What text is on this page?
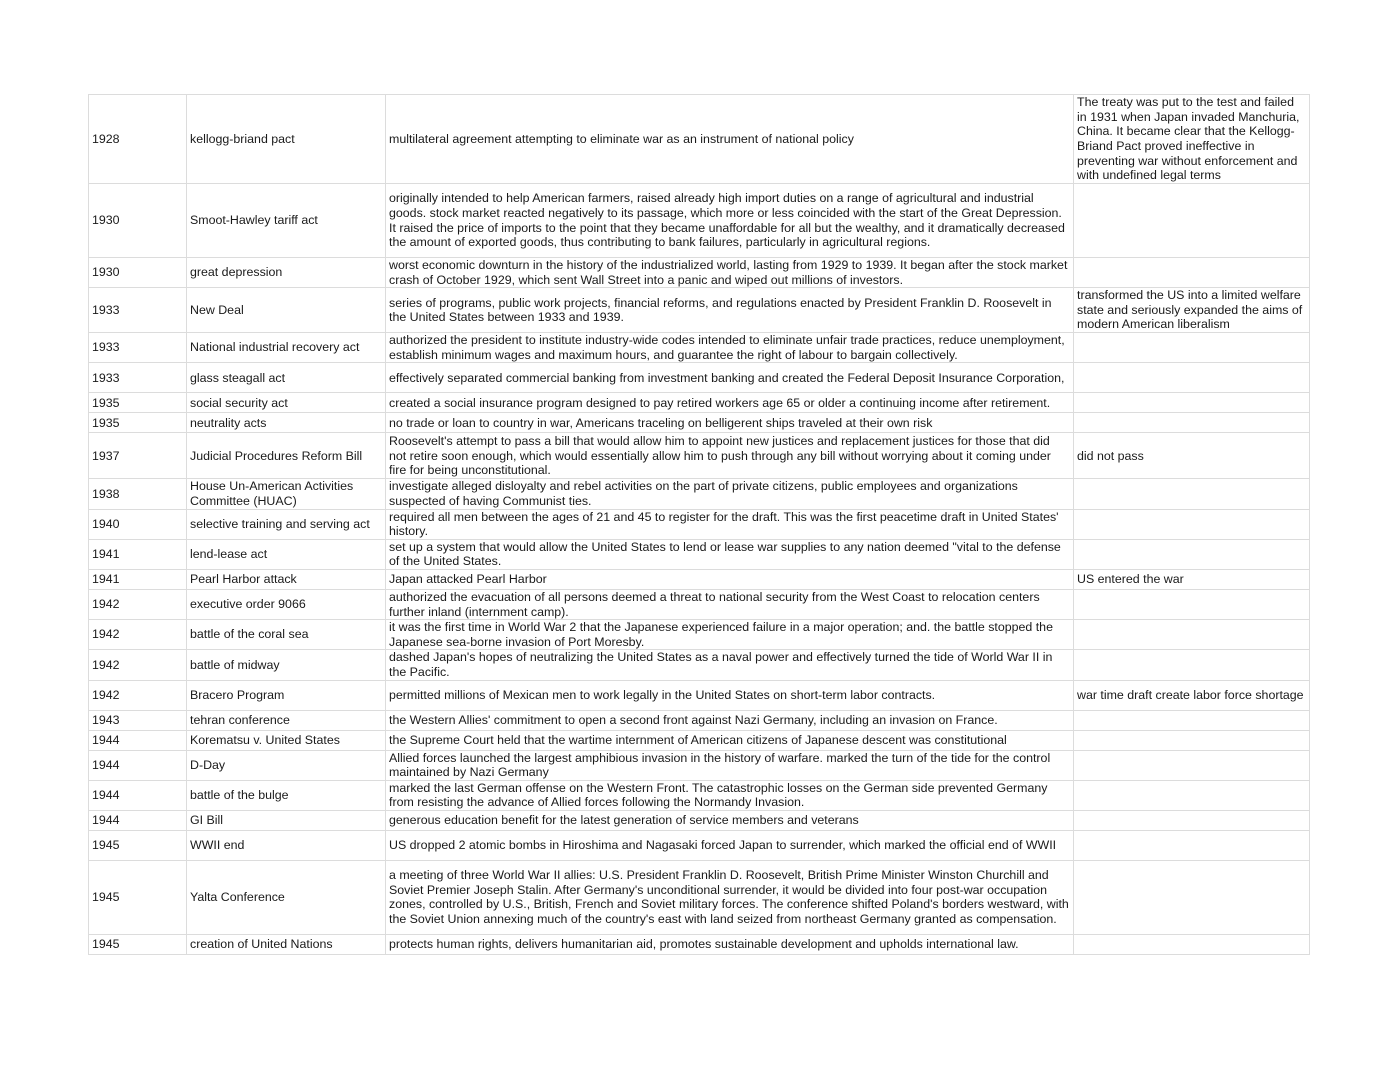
1928	kellogg-briand pact	multilateral agreement attempting to eliminate war as an instrument of national policy	The treaty was put to the test and failed in 1931 when Japan invaded Manchuria, China. It became clear that the Kellogg-Briand Pact proved ineffective in preventing war without enforcement and with undefined legal terms
1930	Smoot-Hawley tariff act	originally intended to help American farmers, raised already high import duties on a range of agricultural and industrial goods. stock market reacted negatively to its passage, which more or less coincided with the start of the Great Depression. It raised the price of imports to the point that they became unaffordable for all but the wealthy, and it dramatically decreased the amount of exported goods, thus contributing to bank failures, particularly in agricultural regions.	
1930	great depression	worst economic downturn in the history of the industrialized world, lasting from 1929 to 1939. It began after the stock market crash of October 1929, which sent Wall Street into a panic and wiped out millions of investors.	
1933	New Deal	series of programs, public work projects, financial reforms, and regulations enacted by President Franklin D. Roosevelt in the United States between 1933 and 1939.	transformed the US into a limited welfare state and seriously expanded the aims of modern American liberalism
1933	National industrial recovery act	authorized the president to institute industry-wide codes intended to eliminate unfair trade practices, reduce unemployment, establish minimum wages and maximum hours, and guarantee the right of labour to bargain collectively.	
1933	glass steagall act	effectively separated commercial banking from investment banking and created the Federal Deposit Insurance Corporation,	
1935	social security act	created a social insurance program designed to pay retired workers age 65 or older a continuing income after retirement.	
1935	neutrality acts	no trade or loan to country in war, Americans traceling on belligerent ships traveled at their own risk	
1937	Judicial Procedures Reform Bill	Roosevelt's attempt to pass a bill that would allow him to appoint new justices and replacement justices for those that did not retire soon enough, which would essentially allow him to push through any bill without worrying about it coming under fire for being unconstitutional.	did not pass
1938	House Un-American Activities Committee (HUAC)	investigate alleged disloyalty and rebel activities on the part of private citizens, public employees and organizations suspected of having Communist ties.	
1940	selective training and serving act	required all men between the ages of 21 and 45 to register for the draft. This was the first peacetime draft in United States' history.	
1941	lend-lease act	set up a system that would allow the United States to lend or lease war supplies to any nation deemed "vital to the defense of the United States.	
1941	Pearl Harbor attack	Japan attacked Pearl Harbor	US entered the war
1942	executive order 9066	authorized the evacuation of all persons deemed a threat to national security from the West Coast to relocation centers further inland (internment camp).	
1942	battle of the coral sea	it was the first time in World War 2 that the Japanese experienced failure in a major operation; and. the battle stopped the Japanese sea-borne invasion of Port Moresby.	
1942	battle of midway	dashed Japan's hopes of neutralizing the United States as a naval power and effectively turned the tide of World War II in the Pacific.	
1942	Bracero Program	permitted millions of Mexican men to work legally in the United States on short-term labor contracts.	war time draft create labor force shortage
1943	tehran conference	the Western Allies' commitment to open a second front against Nazi Germany, including an invasion on France.	
1944	Korematsu v. United States	the Supreme Court held that the wartime internment of American citizens of Japanese descent was constitutional	
1944	D-Day	Allied forces launched the largest amphibious invasion in the history of warfare. marked the turn of the tide for the control maintained by Nazi Germany	
1944	battle of the bulge	marked the last German offense on the Western Front. The catastrophic losses on the German side prevented Germany from resisting the advance of Allied forces following the Normandy Invasion.	
1944	GI Bill	generous education benefit for the latest generation of service members and veterans	
1945	WWII end	US dropped 2 atomic bombs in Hiroshima and Nagasaki forced Japan to surrender, which marked the official end of WWII	
1945	Yalta Conference	a meeting of three World War II allies: U.S. President Franklin D. Roosevelt, British Prime Minister Winston Churchill and Soviet Premier Joseph Stalin. After Germany's unconditional surrender, it would be divided into four post-war occupation zones, controlled by U.S., British, French and Soviet military forces. The conference shifted Poland's borders westward, with the Soviet Union annexing much of the country's east with land seized from northeast Germany granted as compensation.	
1945	creation of United Nations	protects human rights, delivers humanitarian aid, promotes sustainable development and upholds international law.	
